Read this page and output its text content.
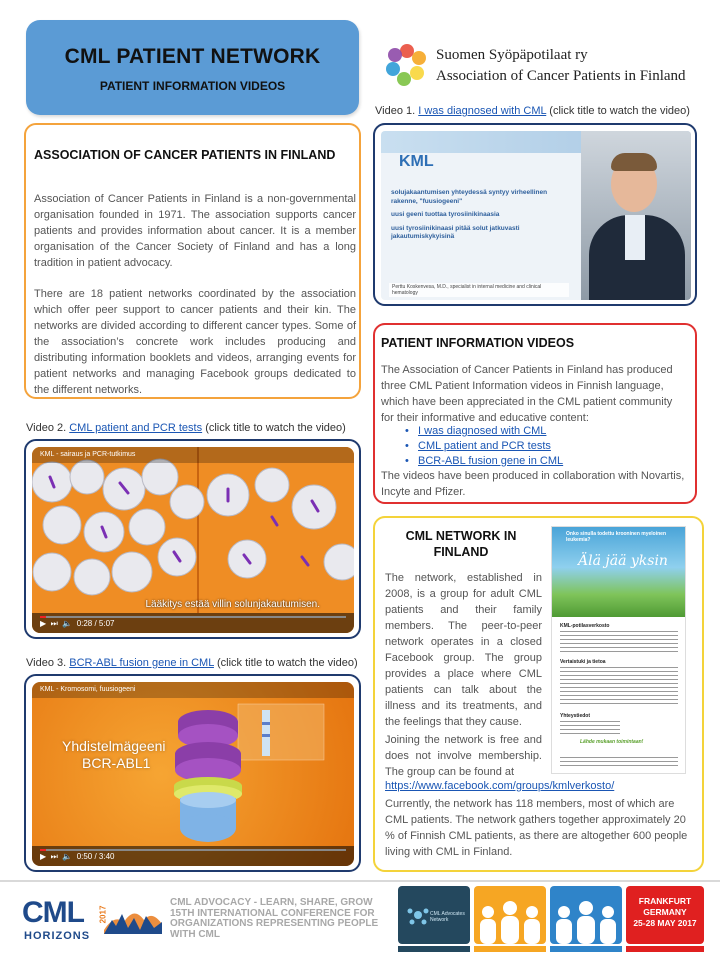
CML PATIENT NETWORK
PATIENT INFORMATION VIDEOS
Suomen Syöpäpotilaat ry
Association of Cancer Patients in Finland
Video 1. I was diagnosed with CML (click title to watch the video)
KML
solujakaantumisen yhteydessä syntyy virheellinen rakenne, "fuusiogeeni"
uusi geeni tuottaa tyrosiinikinaasia
uusi tyrosiinikinaasi pitää solut jatkuvasti jakautumiskykyisinä
Perttu Koskenvesa, M.D., specialist in internal medicine and clinical hematology
ASSOCIATION OF CANCER PATIENTS IN FINLAND
Association of Cancer Patients in Finland is a non-governmental organisation founded in 1971. The association supports cancer patients and provides information about cancer. It is a member organisation of the Cancer Society of Finland and has a long tradition in patient advocacy.
There are 18 patient networks coordinated by the association which offer peer support to cancer patients and their kin. The networks are divided according to different cancer types. Some of the association’s concrete work includes producing and distributing information booklets and videos, arranging events for patient networks and managing Facebook groups dedicated to the different networks.
PATIENT INFORMATION VIDEOS
The Association of Cancer Patients in Finland has produced three CML Patient Information videos in Finnish language, which have been appreciated in the CML patient community for their informative and educative content:
• I was diagnosed with CML
• CML patient and PCR tests
• BCR-ABL fusion gene in CML
The videos have been produced in collaboration with Novartis, Incyte and Pfizer.
Video 2. CML patient and PCR tests (click title to watch the video)
KML - sairaus ja PCR-tutkimus
Lääkitys estää villin solunjakautumisen.
▶ ⏭ 🔈 0:28 / 5:07
Video 3. BCR-ABL fusion gene in CML (click title to watch the video)
KML - Kromosomi, fuusiogeeni
Yhdistelmägeeni
BCR-ABL1
▶ ⏭ 🔈 0:50 / 3:40
CML NETWORK IN
FINLAND
The network, established in 2008, is a group for adult CML patients and their family members. The peer-to-peer network operates in a closed Facebook group. The group provides a place where CML patients can talk about the illness and its treatments, and the feelings that they cause.
Joining the network is free and does not involve membership. The group can be found at
https://www.facebook.com/groups/kmlverkosto/
Currently, the network has 118 members, most of which are CML patients. The network gathers together approximately 20 % of Finnish CML patients, as there are altogether 600 people living with CML in Finland.
Onko sinulla todettu krooninen myeloinen leukemia?
Älä jää yksin
KML-potilasverkosto
Vertaistuki ja tietoa
Yhteystiedot
Lähde mukaan toimintaan!
CML
HORIZONS
2017
CML ADVOCACY - LEARN, SHARE, GROW
15TH INTERNATIONAL CONFERENCE FOR
ORGANIZATIONS REPRESENTING PEOPLE
WITH CML
CML Advocates Network
FRANKFURT
GERMANY
25-28 MAY 2017
